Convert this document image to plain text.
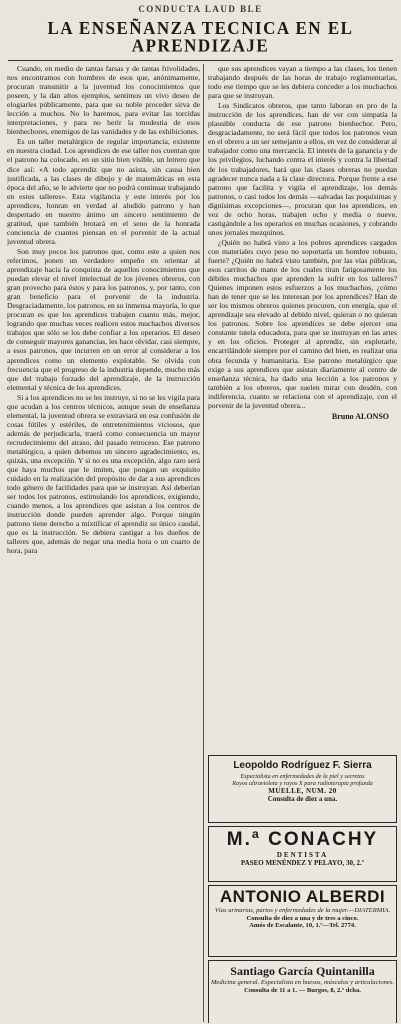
CONDUCTA LAUD BLE
LA ENSEÑANZA TECNICA EN EL
APRENDIZAJE

Cuando, en medio de tantas farsas y de tantas frivolidades, nos encontramos con hombres de esos que, anónimamente, procuran transmitir a la juventud los conocimientos que poseen, y la dan altos ejemplos, sentimos un vivo deseo de elogiarles públicamente, para que su noble proceder sirva de lección a muchos. No lo haremos, para evitar las torcidas interpretaciones, y para no herir la modestia de esos bienhechores, enemigos de las vanidades y de las exhibiciones.

Es un taller metalúrgico de regular importancia, existente en nuestra ciudad. Los aprendices de ese taller nos cuentan que el patrono ha colocado, en un sitio bien visible, un letrero que dice así: «A todo aprendiz que no asista, sin causa bien justificada, a las clases de dibujo y de matemáticas en esta época del año, se le advierte que no podrá continuar trabajando en estos talleres». Esta vigilancia y este interés por los aprendices, honran en verdad al aludido patrono y han despertado en nuestro ánimo un sincero sentimiento de gratitud, que también brotará en el seno de la honrada conciencia de cuantos piensan en el porvenir de la actual juventud obrera.

Son muy pocos los patronos que, como este a quien nos referimos, ponen un verdadero empeño en orientar al aprendizaje hacia la conquista de aquellos conocimientos que puedan elevar el nivel intelectual de los jóvenes obreros, con gran provecho para éstos y para los patronos, y, por tanto, con gran beneficio para el porvenir de la industria. Desgraciadamente, los patronos, en su inmensa mayoría, lo que procuran es que los aprendices trabajen cuanto más, mejor, logrando que muchas veces realicen estos muchachos diversos trabajos que sólo se los debe confiar a los operarios. El deseo de conseguir mayores ganancias, les hace olvidar, casi siempre, a esos patronos, que incurren en un error al considerar a los aprendices como un elemento explotable. Se olvida con frecuencia que el progreso de la industria depende, mucho más que del trabajo forzado del aprendizaje, de la instrucción elemental y técnica de los aprendices.

Si a los aprendices no se les instruye, si no se les vigila para que acudan a los centros técnicos, aunque sean de enseñanza elemental, la juventud obrera se extraviará en esa confusión de cosas fútiles y estériles, de entretenimientos viciosos, que además de perjudicarla, traerá como consecuencia un mayor recrudecimiento del atraso, del pasado retroceso. Ese patrono metalúrgico, a quien debemos un sincero agradecimiento, es, quizás, una excepción. Y si no es una excepción, algo raro será que haya muchos que le imiten, que pongan un exquisito cuidado en la realización del propósito de dar a sus aprendices todo género de facilidades para que se instruyan. Así deberían ser todos los patronos, estimulando los aprendices, exigiendo, cuando menos, a los aprendices que asistan a los centros de instrucción donde pueden aprender algo. Porque ningún patrono tiene derecho a mixtificar el aprendiz su único caudal, que es la instrucción. Se debiera castigar a los dueños de talleres que, además de negar una media hora o un cuarto de hora, para

que sus aprendices vayan a tiempo a las clases, los tienen trabajando después de las horas de trabajo reglamentarias, todo ese tiempo que se les debiera conceder a los muchachos para que se instruyan.

Los Sindicatos obreros, que tanto laboran en pro de la instrucción de los aprendices, han de ver con simpatía la plausible conducta de ese patrono bienhechor. Pero, desgraciadamente, no será fácil que todos los patronos vean en el obrero a un ser semejante a ellos, en vez de considerar al trabajador como una mercancía. El interés de la ganancia y de los privilegios, luchando contra el interés y contra la libertad de los trabajadores, hará que las clases obreras no puedan agradecer nunca nada a la clase directora. Porque frente a ese patrono que facilita y vigila el aprendizaje, los demás patronos, o casi todos los demás —salvadas las poquísimas y dignísimas excepciones—, procuran que los aprendices, en vez de ocho horas, trabajen ocho y media o nueve, castigándole a los operarios en muchas ocasiones, y cobrando unos jornales mezquinos.

¿Quién no habrá visto a los pobres aprendices cargados con materiales cuyo peso no soportaría un hombre robusto, fuerte? ¿Quién no habrá visto también, por las vías públicas, esos carritos de mano de los cuales tiran fatigosamente los débiles muchachos que aprenden la sufrir en los talleres? Quienes imponen estos esfuerzos a los muchachos, ¿cómo han de tener que se les interesan por los aprendices? Han de ser los mismos obreros quienes procuren, con energía, que el aprendizaje sea elevado al debido nivel, quieran o no quieran los patronos. Sobre los aprendices se debe ejercer una constante tutela educadora, para que se instruyan en las artes y en los oficios. Proteger al aprendiz, sin explotarle, encarrilándole siempre por el camino del bien, es realizar una obra fecunda y humanitaria. Ese patrono metalúrgico que exige a sus aprendices que asistan diariamente al centro de enseñanza técnica, ha dado una lección a los patronos y también a los obreros, que suelen mirar con desdén, con indiferencia, cuanto se relaciona con el aprendizaje, con el porvenir de la juventud obrera...

Bruno ALONSO
Leopoldo Rodríguez F. Sierra
Especialista en enfermedades de la piel y secretas
Rayos ultravioleta y rayos X para radioterapia profunda
MUELLE, NUM. 20
Consulta de diez a una.
M.ª CONACHY
DENTISTA
PASEO MENÉNDEZ Y PELAYO, 30, 2.º
ANTONIO ALBERDI
Vías urinarias, partos y enfermedades de la mujer.—DIATERMIA.
Consulta de diez a una y de tres a cinco.
Amós de Escalante, 10, 1.º—Tel. 2774.
Santiago García Quintanilla
Medicina general. Especialista en huesos, músculos y articulaciones.
Consulta de 11 a 1. — Burgos, 8, 2.º dcha.
